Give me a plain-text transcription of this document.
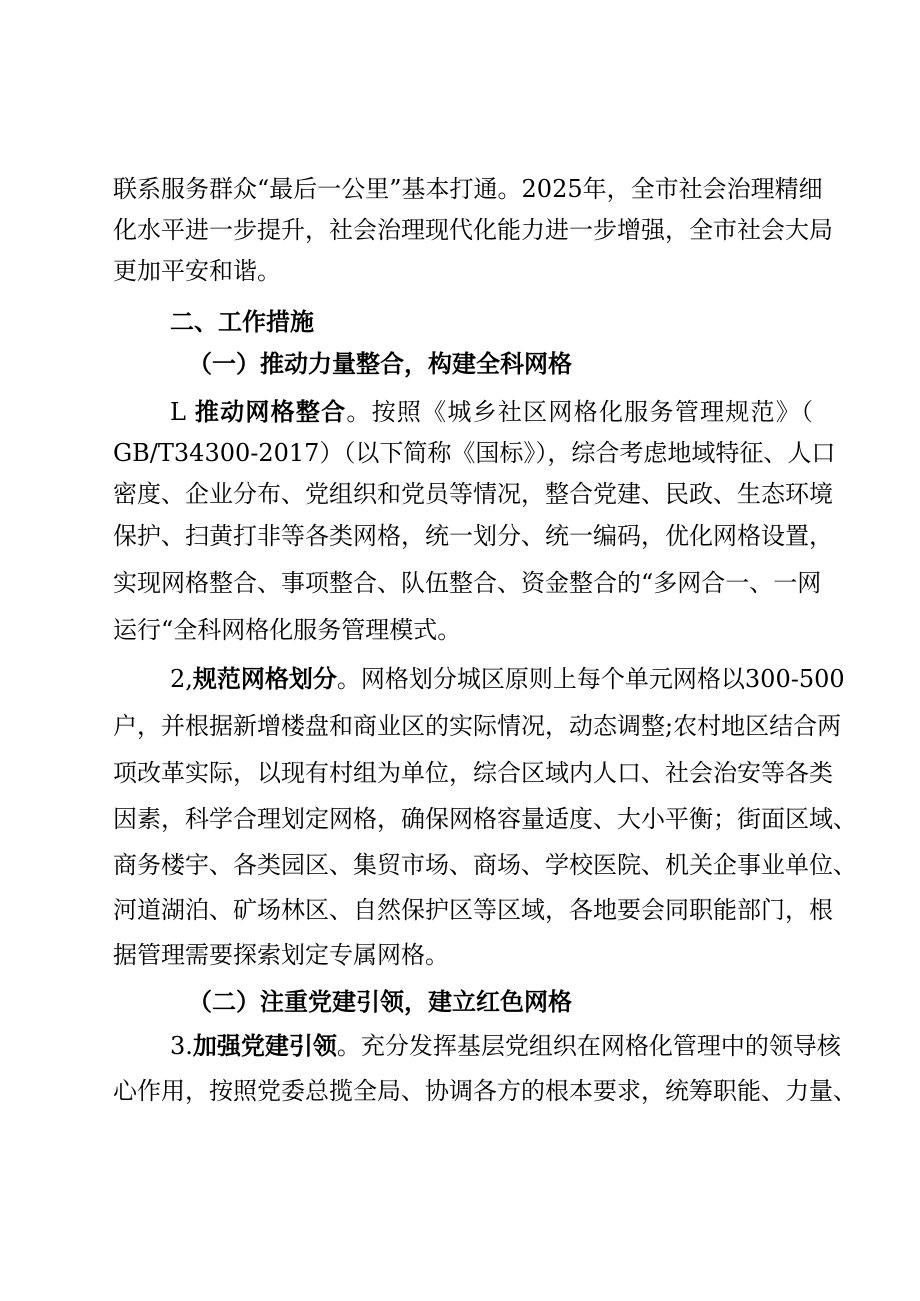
联系服务群众“最后一公里”基本打通。2025年，全市社会治理精细
化水平进一步提升，社会治理现代化能力进一步增强，全市社会大局
更加平安和谐。
二、工作措施
（一）推动力量整合，构建全科网格
L 推动网格整合。按照《城乡社区网格化服务管理规范》（
GB/T34300-2017）（以下简称《国标》），综合考虑地域特征、人口
密度、企业分布、党组织和党员等情况，整合党建、民政、生态环境
保护、扫黄打非等各类网格，统一划分、统一编码，优化网格设置，
实现网格整合、事项整合、队伍整合、资金整合的“多网合一、一网
运行“全科网格化服务管理模式。
2,规范网格划分。网格划分城区原则上每个单元网格以300-500
户，并根据新增楼盘和商业区的实际情况，动态调整;农村地区结合两
项改革实际，以现有村组为单位，综合区域内人口、社会治安等各类
因素，科学合理划定网格，确保网格容量适度、大小平衡；街面区域、
商务楼宇、各类园区、集贸市场、商场、学校医院、机关企事业单位、
河道湖泊、矿场林区、自然保护区等区域，各地要会同职能部门，根
据管理需要探索划定专属网格。
（二）注重党建引领，建立红色网格
3.加强党建引领。充分发挥基层党组织在网格化管理中的领导核
心作用，按照党委总揽全局、协调各方的根本要求，统筹职能、力量、
